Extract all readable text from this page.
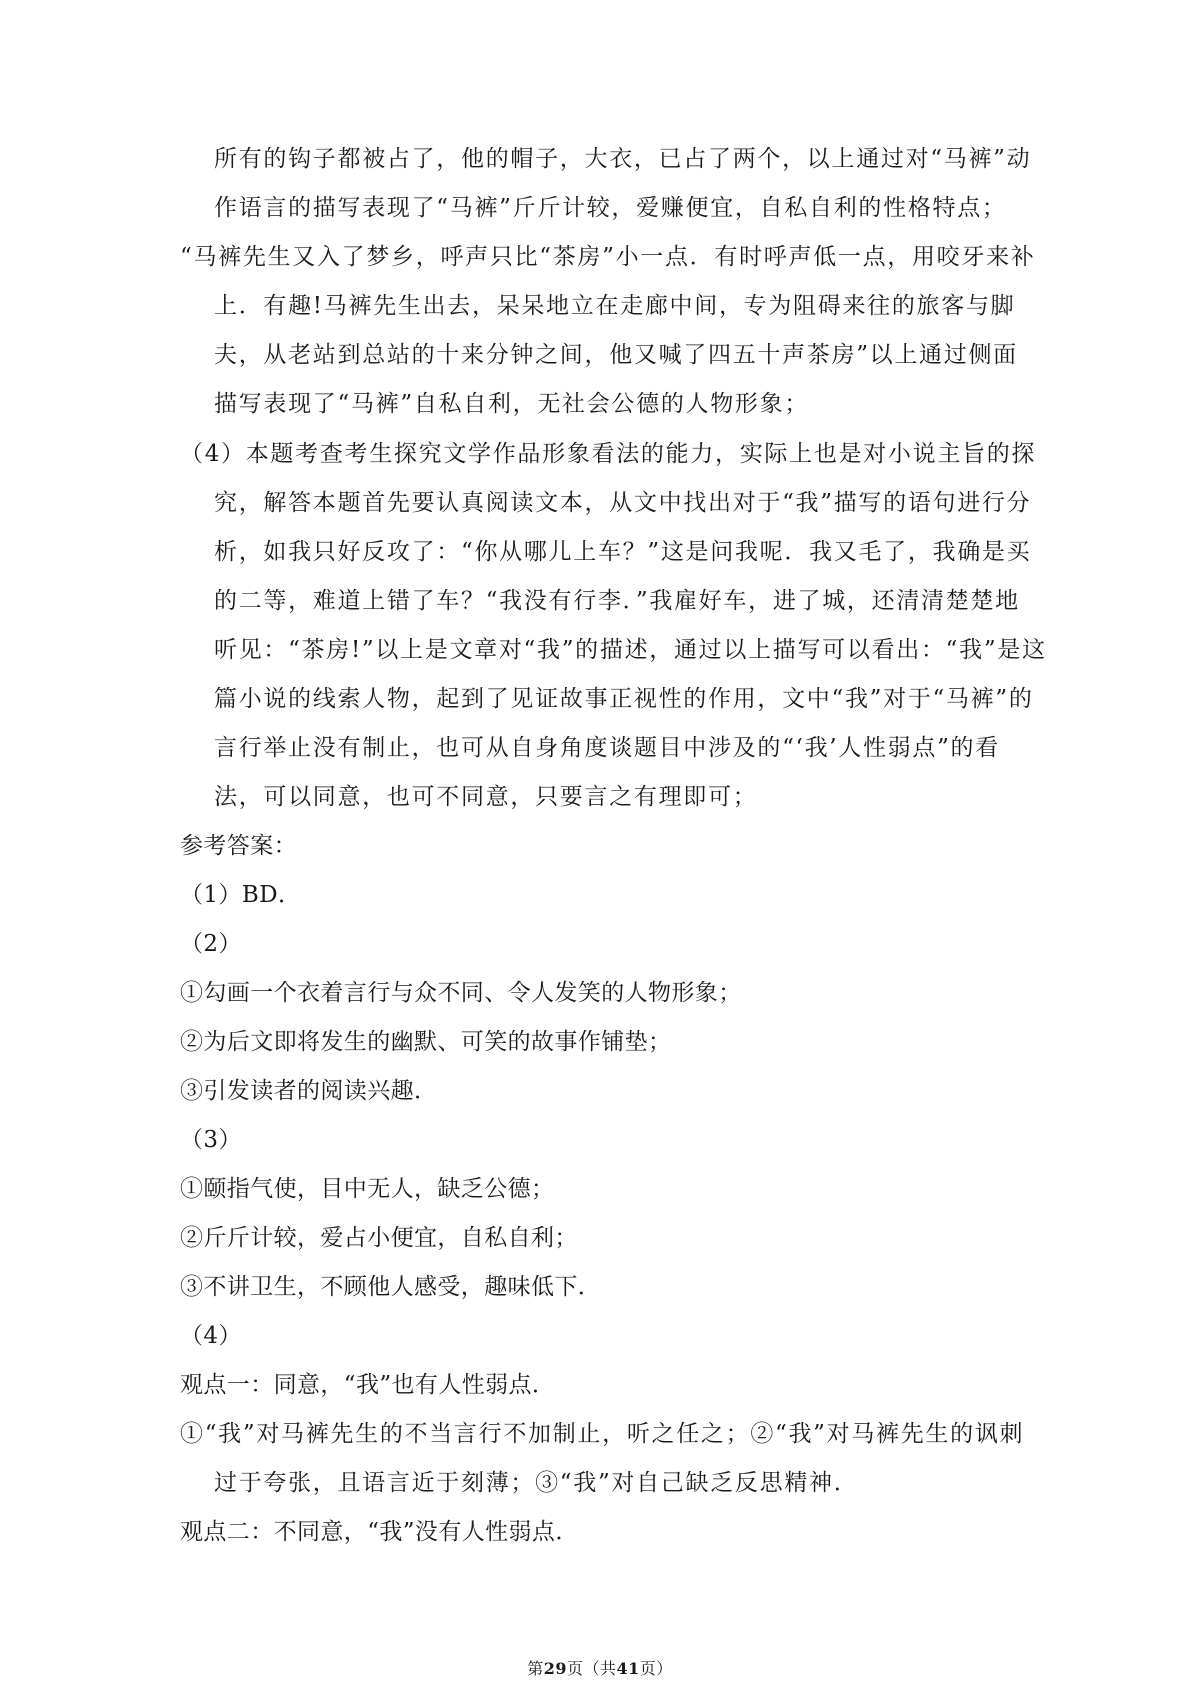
所有的钩子都被占了，他的帽子，大衣，已占了两个，以上通过对“马裤”动

作语言的描写表现了“马裤”斤斤计较，爱赚便宜，自私自利的性格特点；

“马裤先生又入了梦乡，呼声只比“茶房”小一点．有时呼声低一点，用咬牙来补

上．有趣!马裤先生出去，呆呆地立在走廊中间，专为阻碍来往的旅客与脚

夫，从老站到总站的十来分钟之间，他又喊了四五十声茶房”以上通过侧面

描写表现了“马裤”自私自利，无社会公德的人物形象；

（4）本题考查考生探究文学作品形象看法的能力，实际上也是对小说主旨的探

究，解答本题首先要认真阅读文本，从文中找出对于“我”描写的语句进行分

析，如我只好反攻了：“你从哪儿上车？”这是问我呢．我又毛了，我确是买

的二等，难道上错了车？“我没有行李．”我雇好车，进了城，还清清楚楚地

听见：“茶房!”以上是文章对“我”的描述，通过以上描写可以看出：“我”是这

篇小说的线索人物，起到了见证故事正视性的作用，文中“我”对于“马裤”的

言行举止没有制止，也可从自身角度谈题目中涉及的“‘我’人性弱点”的看

法，可以同意，也可不同意，只要言之有理即可；

参考答案：

（1）BD．

（2）

①勾画一个衣着言行与众不同、令人发笑的人物形象；

②为后文即将发生的幽默、可笑的故事作铺垫；

③引发读者的阅读兴趣．

（3）

①颐指气使，目中无人，缺乏公德；

②斤斤计较，爱占小便宜，自私自利；

③不讲卫生，不顾他人感受，趣味低下．

（4）

观点一：同意，“我”也有人性弱点．

①“我”对马裤先生的不当言行不加制止，听之任之；②“我”对马裤先生的讽刺

过于夸张，且语言近于刻薄；③“我”对自己缺乏反思精神．

观点二：不同意，“我”没有人性弱点．

第29页（共41页）
